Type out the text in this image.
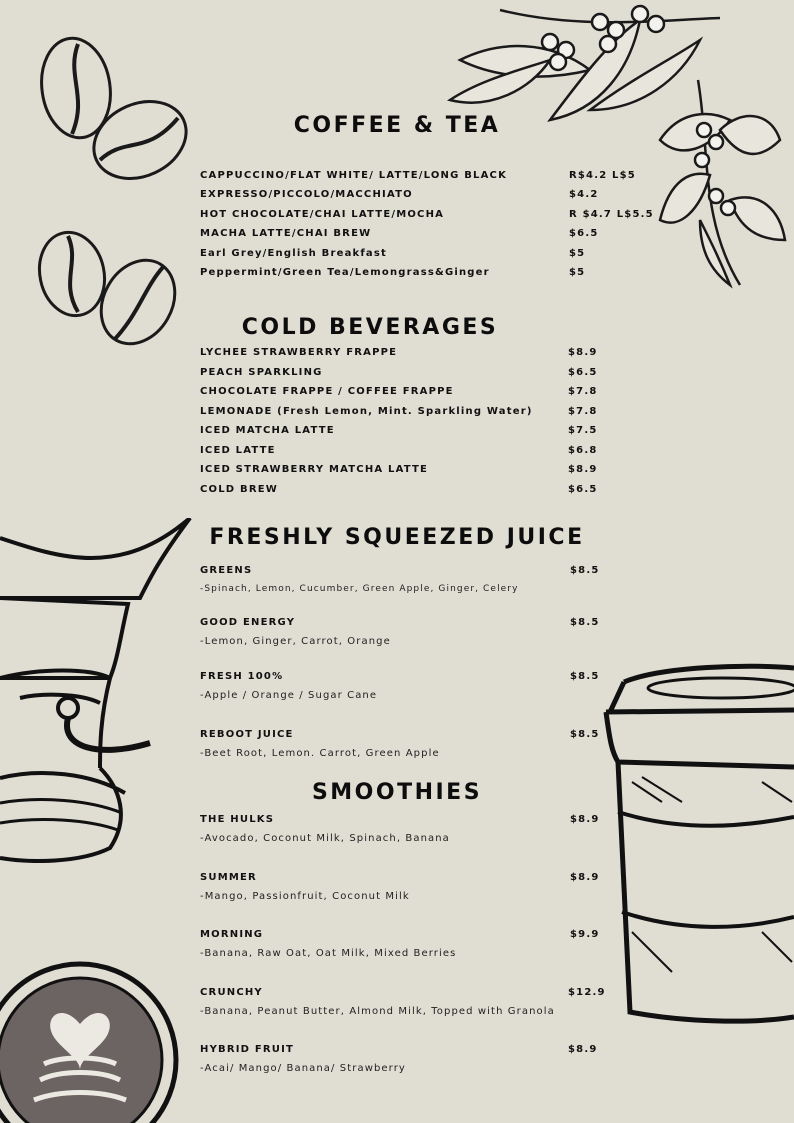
COFFEE & TEA
CAPPUCCINO/FLAT WHITE/ LATTE/LONG BLACK	R$4.2 L$5
EXPRESSO/PICCOLO/MACCHIATO	$4.2
HOT CHOCOLATE/CHAI LATTE/MOCHA	R $4.7 L$5.5
MACHA LATTE/CHAI BREW	$6.5
Earl Grey/English Breakfast	$5
Peppermint/Green Tea/Lemongrass&Ginger	$5
COLD BEVERAGES
LYCHEE STRAWBERRY FRAPPE	$8.9
PEACH SPARKLING	$6.5
CHOCOLATE FRAPPE / COFFEE FRAPPE	$7.8
LEMONADE (Fresh Lemon, Mint. Sparkling Water)	$7.8
ICED MATCHA LATTE	$7.5
ICED LATTE	$6.8
ICED STRAWBERRY MATCHA LATTE	$8.9
COLD BREW	$6.5
FRESHLY SQUEEZED JUICE
GREENS	$8.5
-Spinach, Lemon, Cucumber, Green Apple, Ginger, Celery
GOOD ENERGY	$8.5
-Lemon, Ginger, Carrot, Orange
FRESH 100%	$8.5
-Apple / Orange / Sugar Cane
REBOOT JUICE	$8.5
-Beet Root, Lemon. Carrot, Green Apple
SMOOTHIES
THE HULKS	$8.9
-Avocado, Coconut Milk, Spinach, Banana
SUMMER	$8.9
-Mango, Passionfruit, Coconut Milk
MORNING	$9.9
-Banana, Raw Oat, Oat Milk, Mixed Berries
CRUNCHY	$12.9
-Banana, Peanut Butter, Almond Milk, Topped with Granola
HYBRID FRUIT	$8.9
-Acai/ Mango/ Banana/ Strawberry
